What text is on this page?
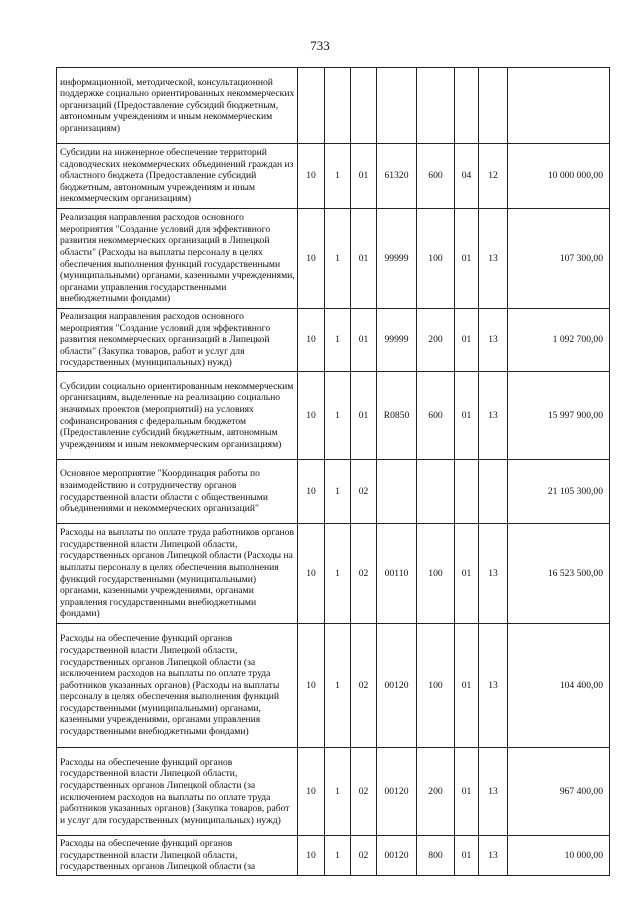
733
информационной, методической, консультационной поддержке социально ориентированных некоммерческих организаций (Предоставление субсидий бюджетным, автономным учреждениям и иным некоммерческим организациям)								
Субсидии на инженерное обеспечение территорий садоводческих некоммерческих объединений граждан из областного бюджета (Предоставление субсидий бюджетным, автономным учреждениям и иным некоммерческим организациям)	10	1	01	61320	600	04	12	10 000 000,00
Реализация направления расходов основного мероприятия "Создание условий для эффективного развития некоммерческих организаций в Липецкой области" (Расходы на выплаты персоналу в целях обеспечения выполнения функций государственными (муниципальными) органами, казенными учреждениями, органами управления государственными внебюджетными фондами)	10	1	01	99999	100	01	13	107 300,00
Реализация направления расходов основного мероприятия "Создание условий для эффективного развития некоммерческих организаций в Липецкой области" (Закупка товаров, работ и услуг для государственных (муниципальных) нужд)	10	1	01	99999	200	01	13	1 092 700,00
Субсидии социально ориентированным некоммерческим организациям, выделенные на реализацию социально значимых проектов (мероприятий) на условиях софинансирования с федеральным бюджетом (Предоставление субсидий бюджетным, автономным учреждениям и иным некоммерческим организациям)	10	1	01	R0850	600	01	13	15 997 900,00
Основное мероприятие "Координация работы по взаимодействию и сотрудничеству органов государственной власти области с общественными объединениями и некоммерческих организаций"	10	1	02					21 105 300,00
Расходы на выплаты по оплате труда работников органов государственной власти Липецкой области, государственных органов Липецкой области (Расходы на выплаты персоналу в целях обеспечения выполнения функций государственными (муниципальными) органами, казенными учреждениями, органами управления государственными внебюджетными фондами)	10	1	02	00110	100	01	13	16 523 500,00
Расходы на обеспечение функций органов государственной власти Липецкой области, государственных органов Липецкой области (за исключением расходов на выплаты по оплате труда работников указанных органов) (Расходы на выплаты персоналу в целях обеспечения выполнения функций государственными (муниципальными) органами, казенными учреждениями, органами управления государственными внебюджетными фондами)	10	1	02	00120	100	01	13	104 400,00
Расходы на обеспечение функций органов государственной власти Липецкой области, государственных органов Липецкой области (за исключением расходов на выплаты по оплате труда работников указанных органов) (Закупка товаров, работ и услуг для государственных (муниципальных) нужд)	10	1	02	00120	200	01	13	967 400,00
Расходы на обеспечение функций органов государственной власти Липецкой области, государственных органов Липецкой области (за	10	1	02	00120	800	01	13	10 000,00
